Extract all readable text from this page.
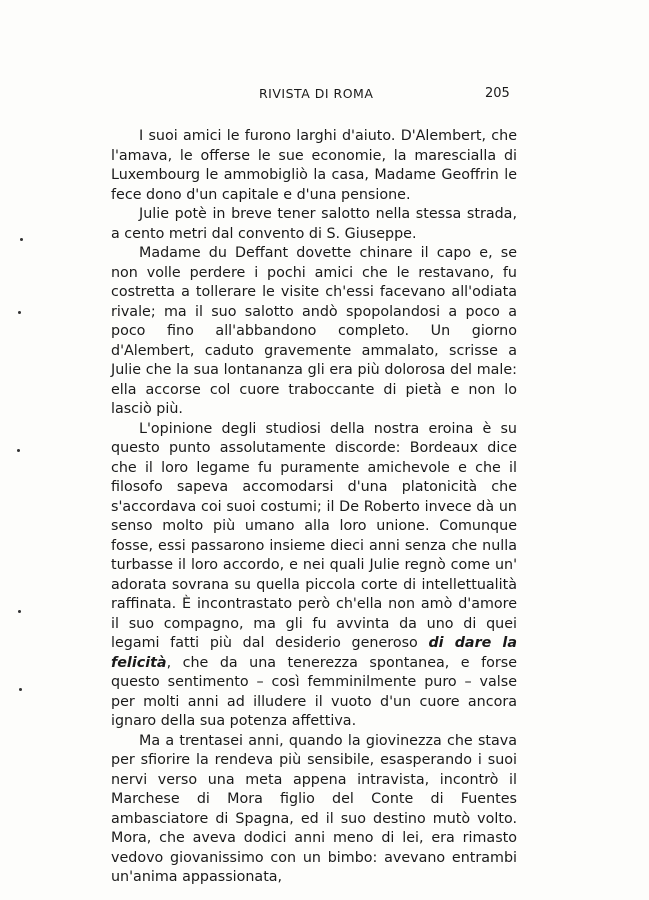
RIVISTA DI ROMA	205

I suoi amici le furono larghi d'aiuto. D'Alembert, che l'amava, le offerse le sue economie, la marescialla di Luxembourg le ammobigliò la casa, Madame Geoffrin le fece dono d'un capitale e d'una pensione.

Julie potè in breve tener salotto nella stessa strada, a cento metri dal convento di S. Giuseppe.

Madame du Deffant dovette chinare il capo e, se non volle perdere i pochi amici che le restavano, fu costretta a tollerare le visite ch'essi facevano all'odiata rivale; ma il suo salotto andò spopolandosi a poco a poco fino all'abbandono completo. Un giorno d'Alembert, caduto gravemente ammalato, scrisse a Julie che la sua lontananza gli era più dolorosa del male: ella accorse col cuore traboccante di pietà e non lo lasciò più.

L'opinione degli studiosi della nostra eroina è su questo punto assolutamente discorde: Bordeaux dice che il loro legame fu puramente amichevole e che il filosofo sapeva accomodarsi d'una platonicità che s'accordava coi suoi costumi; il De Roberto invece dà un senso molto più umano alla loro unione. Comunque fosse, essi passarono insieme dieci anni senza che nulla turbasse il loro accordo, e nei quali Julie regnò come un' adorata sovrana su quella piccola corte di intellettualità raffinata. È incontrastato però ch'ella non amò d'amore il suo compagno, ma gli fu avvinta da uno di quei legami fatti più dal desiderio generoso di dare la felicità, che da una tenerezza spontanea, e forse questo sentimento – così femminilmente puro – valse per molti anni ad illudere il vuoto d'un cuore ancora ignaro della sua potenza affettiva.

Ma a trentasei anni, quando la giovinezza che stava per sfiorire la rendeva più sensibile, esasperando i suoi nervi verso una meta appena intravista, incontrò il Marchese di Mora figlio del Conte di Fuentes ambasciatore di Spagna, ed il suo destino mutò volto. Mora, che aveva dodici anni meno di lei, era rimasto vedovo giovanissimo con un bimbo: avevano entrambi un'anima appassionata,
